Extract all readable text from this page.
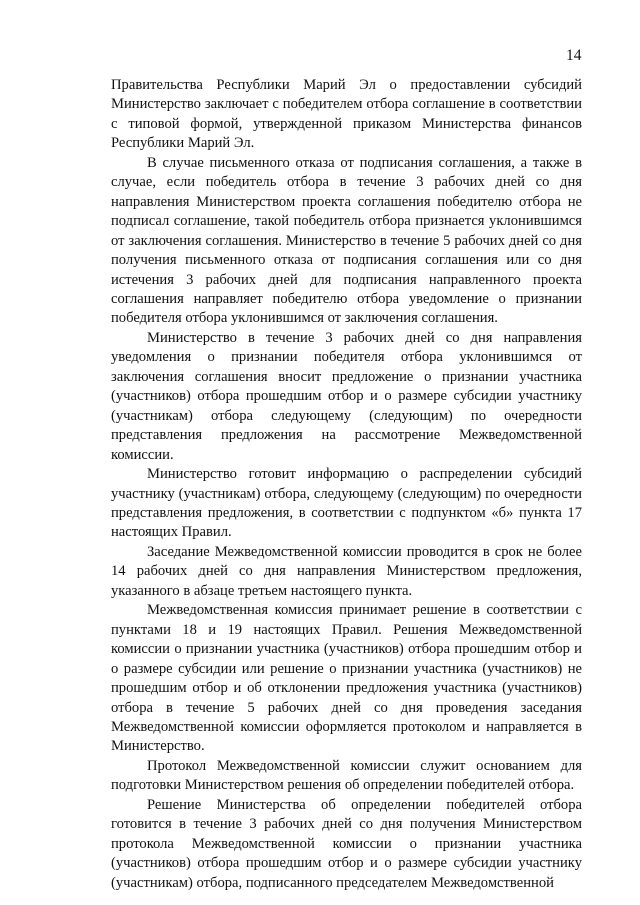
14

Правительства Республики Марий Эл о предоставлении субсидий Министерство заключает с победителем отбора соглашение в соответствии с типовой формой, утвержденной приказом Министерства финансов Республики Марий Эл.

В случае письменного отказа от подписания соглашения, а также в случае, если победитель отбора в течение 3 рабочих дней со дня направления Министерством проекта соглашения победителю отбора не подписал соглашение, такой победитель отбора признается уклонившимся от заключения соглашения. Министерство в течение 5 рабочих дней со дня получения письменного отказа от подписания соглашения или со дня истечения 3 рабочих дней для подписания направленного проекта соглашения направляет победителю отбора уведомление о признании победителя отбора уклонившимся от заключения соглашения.

Министерство в течение 3 рабочих дней со дня направления уведомления о признании победителя отбора уклонившимся от заключения соглашения вносит предложение о признании участника (участников) отбора прошедшим отбор и о размере субсидии участнику (участникам) отбора следующему (следующим) по очередности представления предложения на рассмотрение Межведомственной комиссии.

Министерство готовит информацию о распределении субсидий участнику (участникам) отбора, следующему (следующим) по очередности представления предложения, в соответствии с подпунктом «б» пункта 17 настоящих Правил.

Заседание Межведомственной комиссии проводится в срок не более 14 рабочих дней со дня направления Министерством предложения, указанного в абзаце третьем настоящего пункта.

Межведомственная комиссия принимает решение в соответствии с пунктами 18 и 19 настоящих Правил. Решения Межведомственной комиссии о признании участника (участников) отбора прошедшим отбор и о размере субсидии или решение о признании участника (участников) не прошедшим отбор и об отклонении предложения участника (участников) отбора в течение 5 рабочих дней со дня проведения заседания Межведомственной комиссии оформляется протоколом и направляется в Министерство.

Протокол Межведомственной комиссии служит основанием для подготовки Министерством решения об определении победителей отбора.

Решение Министерства об определении победителей отбора готовится в течение 3 рабочих дней со дня получения Министерством протокола Межведомственной комиссии о признании участника (участников) отбора прошедшим отбор и о размере субсидии участнику (участникам) отбора, подписанного председателем Межведомственной
